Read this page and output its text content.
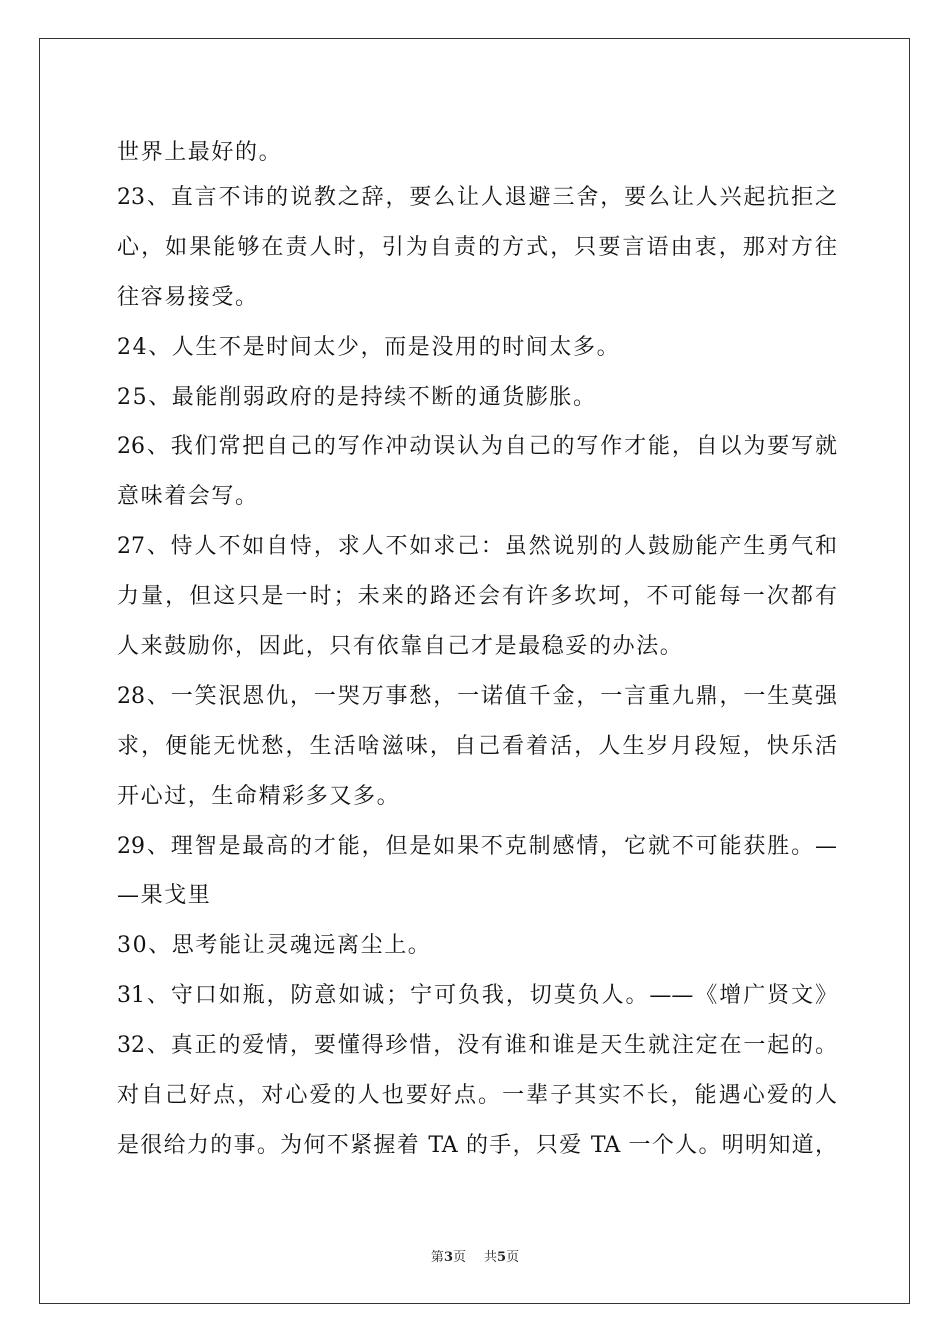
世界上最好的。
23、直言不讳的说教之辞，要么让人退避三舍，要么让人兴起抗拒之
心，如果能够在责人时，引为自责的方式，只要言语由衷，那对方往
往容易接受。
24、人生不是时间太少，而是没用的时间太多。
25、最能削弱政府的是持续不断的通货膨胀。
26、我们常把自己的写作冲动误认为自己的写作才能，自以为要写就
意味着会写。
27、恃人不如自恃，求人不如求己：虽然说别的人鼓励能产生勇气和
力量，但这只是一时；未来的路还会有许多坎坷，不可能每一次都有
人来鼓励你，因此，只有依靠自己才是最稳妥的办法。
28、一笑泯恩仇，一哭万事愁，一诺值千金，一言重九鼎，一生莫强
求，便能无忧愁，生活啥滋味，自己看着活，人生岁月段短，快乐活
开心过，生命精彩多又多。
29、理智是最高的才能，但是如果不克制感情，它就不可能获胜。—
—果戈里
30、思考能让灵魂远离尘上。
31、守口如瓶，防意如诚；宁可负我，切莫负人。——《增广贤文》
32、真正的爱情，要懂得珍惜，没有谁和谁是天生就注定在一起的。
对自己好点，对心爱的人也要好点。一辈子其实不长，能遇心爱的人
是很给力的事。为何不紧握着 TA 的手，只爱 TA 一个人。明明知道，
第3页 共5页
